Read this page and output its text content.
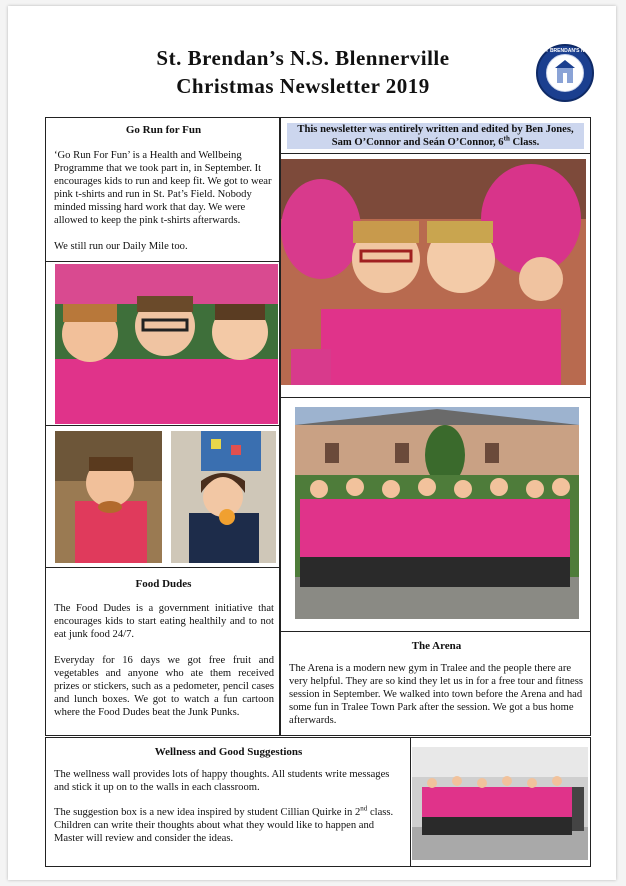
St. Brendan’s N.S. Blennerville
Christmas Newsletter 2019
ST BRENDAN'S NS
Go Run for Fun
‘Go Run For Fun’ is a Health and Wellbeing Programme that we took part in, in September. It encourages kids to run and keep fit. We got to wear pink t-shirts and run in St. Pat’s Field. Nobody minded missing hard work that day. We were allowed to keep the pink t-shirts afterwards.
We still run our Daily Mile too.
This newsletter was entirely written and edited by Ben Jones, Sam O’Connor and Seán O’Connor, 6th Class.
Food Dudes
The Food Dudes is a government initiative that encourages kids to start eating healthily and to not eat junk food 24/7.
Everyday for 16 days we got free fruit and vegetables and anyone who ate them received prizes or stickers, such as a pedometer, pencil cases and lunch boxes. We got to watch a fun cartoon where the Food Dudes beat the Junk Punks.
The Arena
The Arena is a modern new gym in Tralee and the people there are very helpful. They are so kind they let us in for a free tour and fitness session in September. We walked into town before the Arena and had some fun in Tralee Town Park after the session. We got a bus home afterwards.
Wellness and Good Suggestions
The wellness wall provides lots of happy thoughts. All students write messages and stick it up on to the walls in each classroom.
The suggestion box is a new idea inspired by student Cillian Quirke in 2nd class. Children can write their thoughts about what they would like to happen and Master will review and consider the ideas.
